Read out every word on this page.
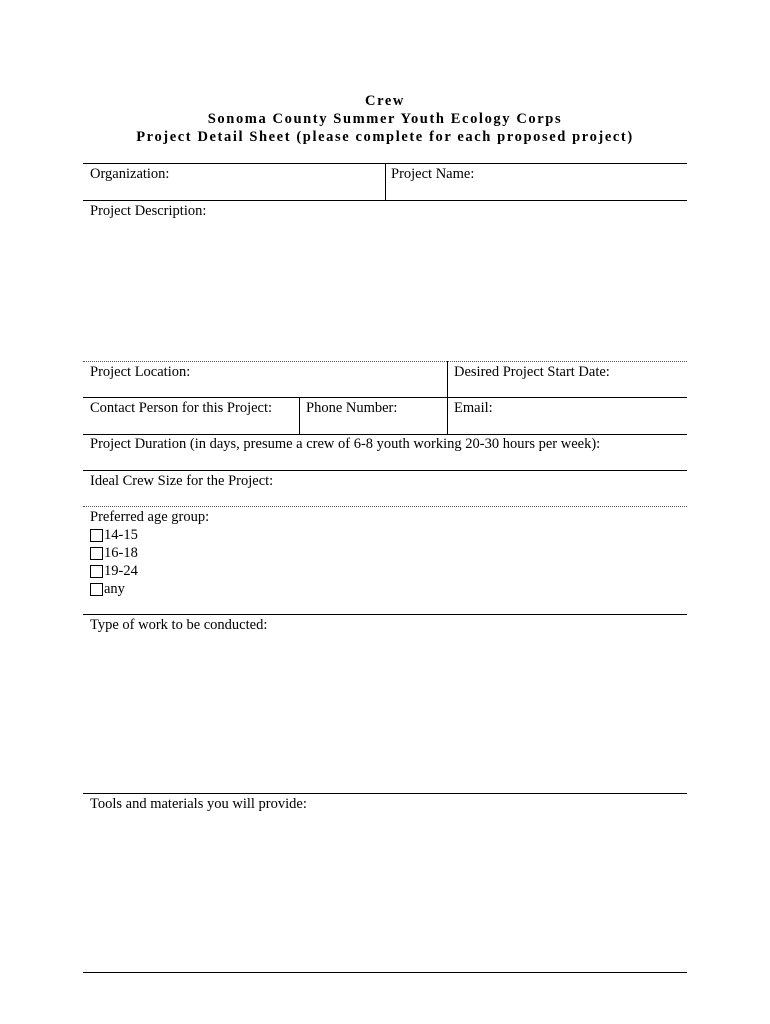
Crew
Sonoma County Summer Youth Ecology Corps
Project Detail Sheet (please complete for each proposed project)
Organization:	Project Name:
Project Description:
Project Location:	Desired Project Start Date:
Contact Person for this Project: Phone Number:	Email:
Project Duration (in days, presume a crew of 6-8 youth working 20-30 hours per week):
Ideal Crew Size for the Project:
Preferred age group:
14-15
16-18
19-24
any
Type of work to be conducted:
Tools and materials you will provide:
